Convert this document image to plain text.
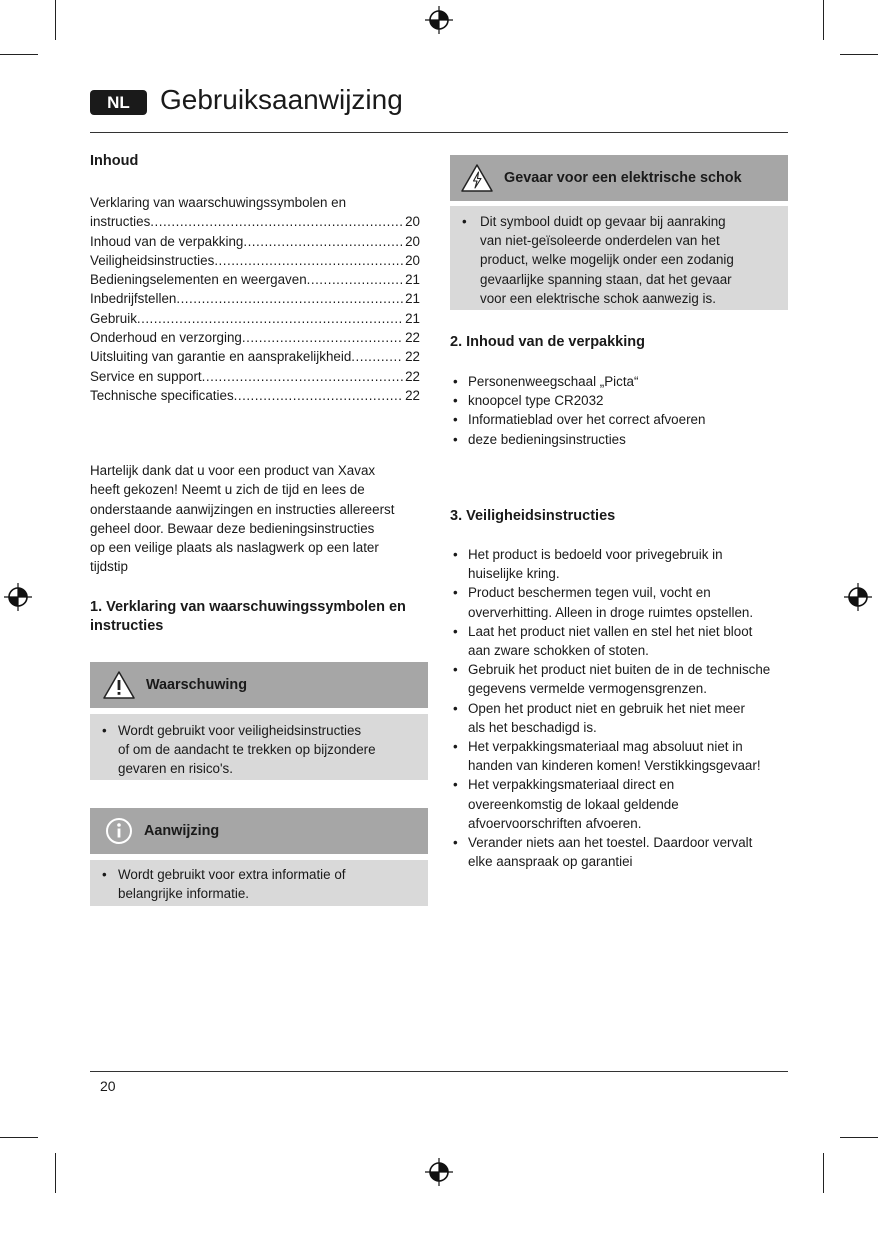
NL	Gebruiksaanwijzing
Inhoud
Verklaring van waarschuwingssymbolen en
instructies .....	20
Inhoud van de verpakking .....	20
Veiligheidsinstructies .....	20
Bedieningselementen en weergaven .....	21
Inbedrijfstellen .....	21
Gebruik .....	21
Onderhoud en verzorging .....	22
Uitsluiting van garantie en aansprakelijkheid .....	22
Service en support .....	22
Technische specificaties .....	22
Hartelijk dank dat u voor een product van Xavax
heeft gekozen! Neemt u zich de tijd en lees de
onderstaande aanwijzingen en instructies allereerst
geheel door. Bewaar deze bedieningsinstructies
op een veilige plaats als naslagwerk op een later
tijdstip
1. Verklaring van waarschuwingssymbolen en
instructies
Waarschuwing
• Wordt gebruikt voor veiligheidsinstructies
of om de aandacht te trekken op bijzondere
gevaren en risico's.
Aanwijzing
• Wordt gebruikt voor extra informatie of
belangrijke informatie.
Gevaar voor een elektrische schok
• Dit symbool duidt op gevaar bij aanraking
van niet-geïsoleerde onderdelen van het
product, welke mogelijk onder een zodanig
gevaarlijke spanning staan, dat het gevaar
voor een elektrische schok aanwezig is.
2. Inhoud van de verpakking
• Personenweegschaal „Picta“
• knoopcel type CR2032
• Informatieblad over het correct afvoeren
• deze bedieningsinstructies
3. Veiligheidsinstructies
• Het product is bedoeld voor privegebruik in
huiselijke kring.
• Product beschermen tegen vuil, vocht en
oververhitting. Alleen in droge ruimtes opstellen.
• Laat het product niet vallen en stel het niet bloot
aan zware schokken of stoten.
• Gebruik het product niet buiten de in de technische
gegevens vermelde vermogensgrenzen.
• Open het product niet en gebruik het niet meer
als het beschadigd is.
• Het verpakkingsmateriaal mag absoluut niet in
handen van kinderen komen! Verstikkingsgevaar!
• Het verpakkingsmateriaal direct en
overeenkomstig de lokaal geldende
afvoervoorschriften afvoeren.
• Verander niets aan het toestel. Daardoor vervalt
elke aanspraak op garantiei
20
